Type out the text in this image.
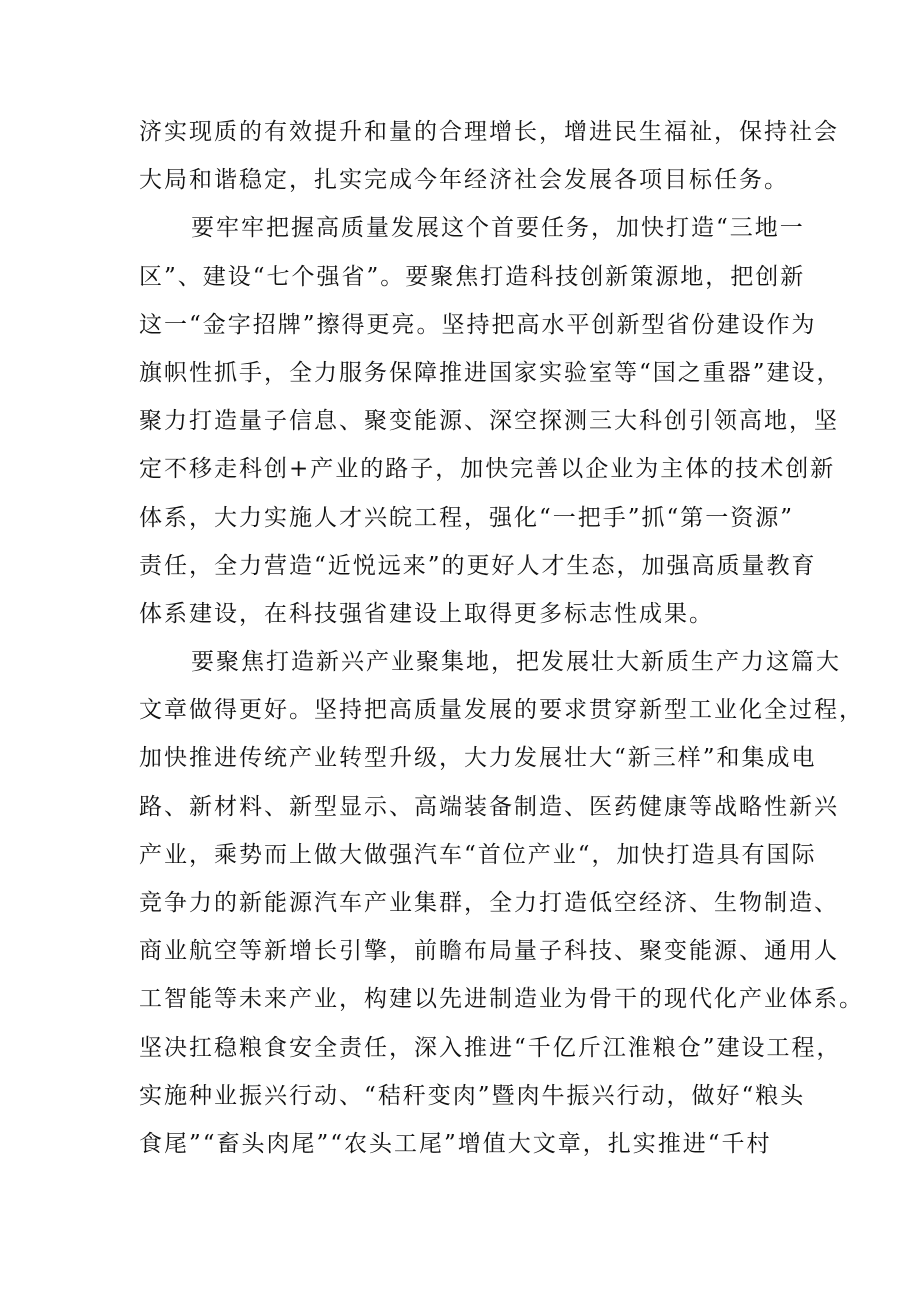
济实现质的有效提升和量的合理增长，增进民生福祉，保持社会
大局和谐稳定，扎实完成今年经济社会发展各项目标任务。
要牢牢把握高质量发展这个首要任务，加快打造“三地一
区”、建设“七个强省”。要聚焦打造科技创新策源地，把创新
这一“金字招牌”擦得更亮。坚持把高水平创新型省份建设作为
旗帜性抓手，全力服务保障推进国家实验室等“国之重器”建设，
聚力打造量子信息、聚变能源、深空探测三大科创引领高地，坚
定不移走科创+产业的路子，加快完善以企业为主体的技术创新
体系，大力实施人才兴皖工程，强化“一把手”抓“第一资源”
责任，全力营造“近悦远来”的更好人才生态，加强高质量教育
体系建设，在科技强省建设上取得更多标志性成果。
要聚焦打造新兴产业聚集地，把发展壮大新质生产力这篇大
文章做得更好。坚持把高质量发展的要求贯穿新型工业化全过程，
加快推进传统产业转型升级，大力发展壮大“新三样”和集成电
路、新材料、新型显示、高端装备制造、医药健康等战略性新兴
产业，乘势而上做大做强汽车“首位产业“，加快打造具有国际
竞争力的新能源汽车产业集群，全力打造低空经济、生物制造、
商业航空等新增长引擎，前瞻布局量子科技、聚变能源、通用人
工智能等未来产业，构建以先进制造业为骨干的现代化产业体系。
坚决扛稳粮食安全责任，深入推进“千亿斤江淮粮仓”建设工程，
实施种业振兴行动、“秸秆变肉”暨肉牛振兴行动，做好“粮头
食尾”“畜头肉尾”“农头工尾”增值大文章，扎实推进“千村
